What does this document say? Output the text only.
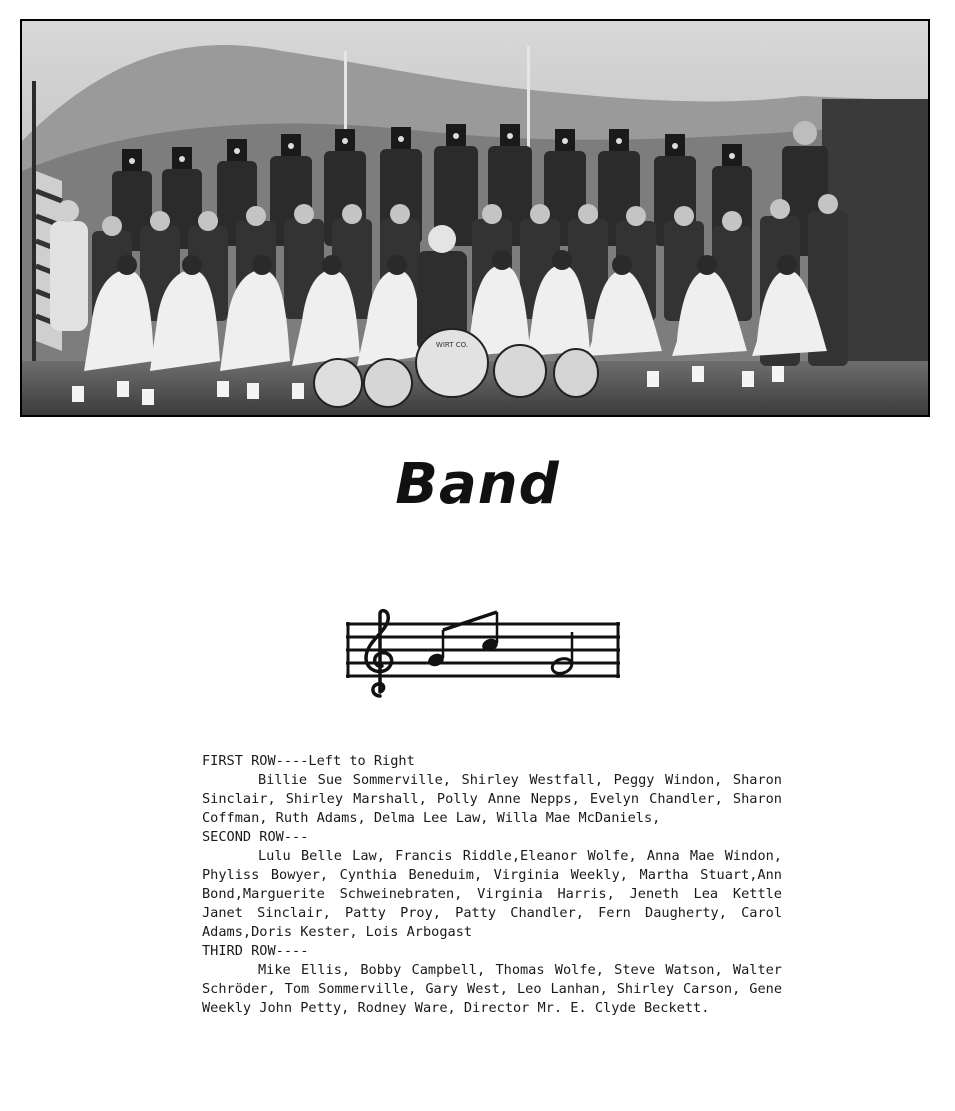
WIRT CO.
Band
FIRST ROW----Left to Right
Billie Sue Sommerville, Shirley Westfall, Peggy Windon, Sharon Sinclair, Shirley Marshall, Polly Anne Nepps, Evelyn Chandler, Sharon Coffman, Ruth Adams, Delma Lee Law, Willa Mae McDaniels,
SECOND ROW---
Lulu Belle Law, Francis Riddle,Eleanor Wolfe, Anna Mae Windon, Phyliss Bowyer, Cynthia Beneduim, Virginia Weekly, Martha Stuart,Ann Bond,Marguerite Schweinebraten, Virginia Harris, Jeneth Lea Kettle Janet Sinclair, Patty Proy, Patty Chandler, Fern Daugherty, Carol Adams,Doris Kester, Lois Arbogast
THIRD ROW----
Mike Ellis, Bobby Campbell, Thomas Wolfe, Steve Watson, Walter Schröder, Tom Sommerville, Gary West, Leo Lanhan, Shirley Carson, Gene Weekly John Petty, Rodney Ware, Director Mr. E. Clyde Beckett.
